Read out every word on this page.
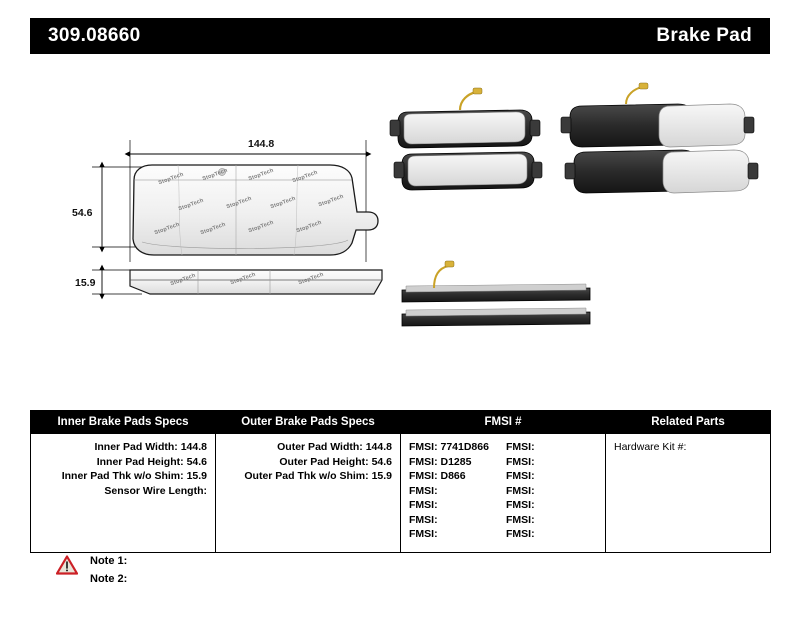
309.08660	Brake Pad
144.8
54.6
15.9
StopTech	StopTech	StopTech	StopTech
StopTech	StopTech	StopTech	StopTech
StopTech	StopTech	StopTech	StopTech
StopTech	StopTech	StopTech
Inner Brake Pads Specs	Outer Brake Pads Specs	FMSI #	Related Parts

Inner Pad Width: 144.8
Inner Pad Height: 54.6
Inner Pad Thk w/o Shim: 15.9
Sensor Wire Length:

Outer Pad Width: 144.8
Outer Pad Height: 54.6
Outer Pad Thk w/o Shim: 15.9

FMSI: 7741D866	FMSI:
FMSI: D1285	FMSI:
FMSI: D866	FMSI:
FMSI:	FMSI:
FMSI:	FMSI:
FMSI:	FMSI:
FMSI:	FMSI:

Hardware Kit #:
Note 1:
Note 2:
